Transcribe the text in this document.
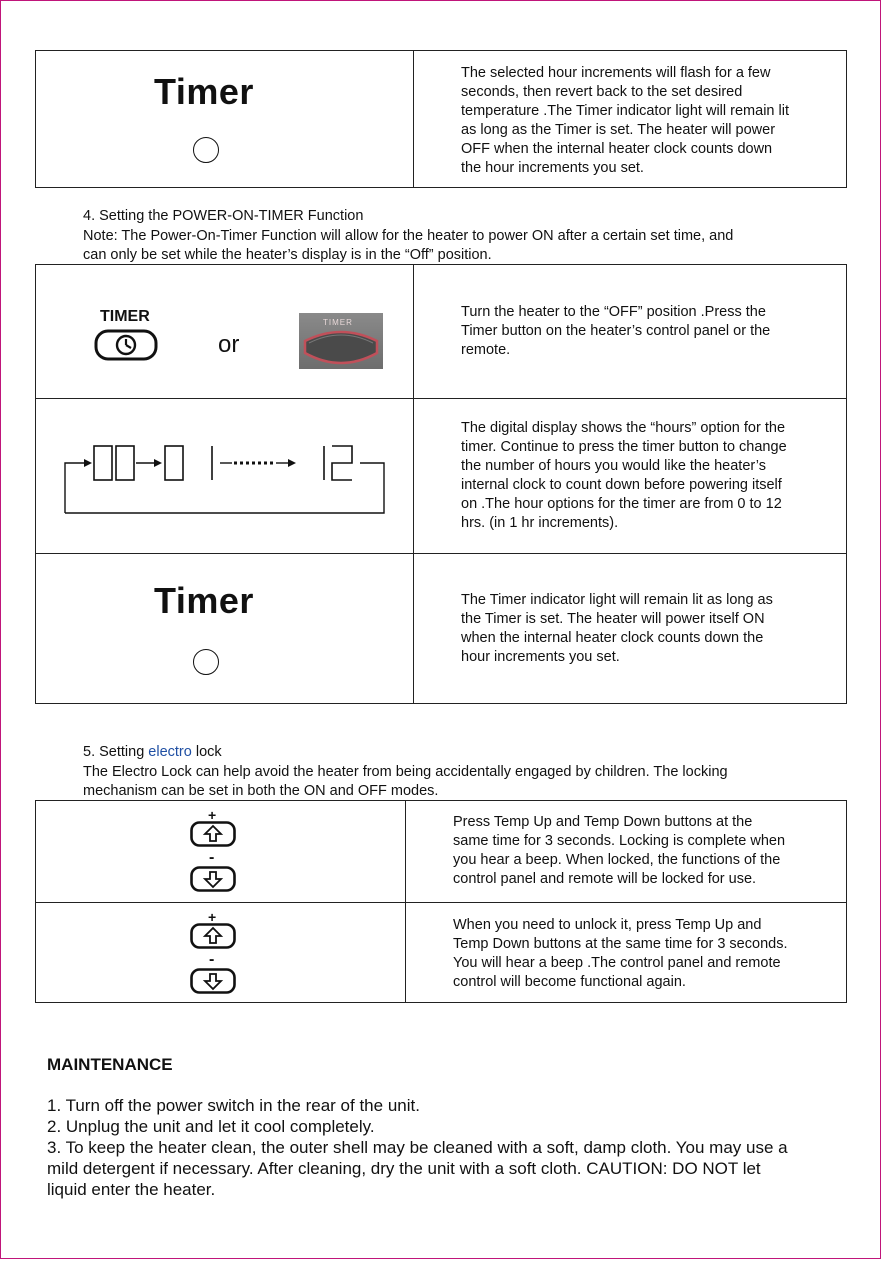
Timer	The selected hour increments will flash for a few
seconds, then revert back to the set desired
temperature .The Timer indicator light will remain lit
as long as the Timer is set. The heater will power
OFF when the internal heater clock counts down
the hour increments you set.
4. Setting the POWER-ON-TIMER Function
Note: The Power-On-Timer Function will allow for the heater to power ON after a certain set time, and
can only be set while the heater’s display is in the “Off” position.
TIMER
or
TIMER
Turn the heater to the “OFF” position .Press the
Timer button on the heater’s control panel or the
remote.
The digital display shows the “hours” option for the
timer. Continue to press the timer button to change
the number of hours you would like the heater’s
internal clock to count down before powering itself
on .The hour options for the timer are from 0 to 12
hrs. (in 1 hr increments).
Timer	The Timer indicator light will remain lit as long as
the Timer is set. The heater will power itself ON
when the internal heater clock counts down the
hour increments you set.
5. Setting electro lock
The Electro Lock can help avoid the heater from being accidentally engaged by children. The locking
mechanism can be set in both the ON and OFF modes.
+
-
Press Temp Up and Temp Down buttons at the
same time for 3 seconds. Locking is complete when
you hear a beep. When locked, the functions of the
control panel and remote will be locked for use.
+
-
When you need to unlock it, press Temp Up and
Temp Down buttons at the same time for 3 seconds.
You will hear a beep .The control panel and remote
control will become functional again.
MAINTENANCE
1. Turn off the power switch in the rear of the unit.
2. Unplug the unit and let it cool completely.
3. To keep the heater clean, the outer shell may be cleaned with a soft, damp cloth. You may use a
mild detergent if necessary. After cleaning, dry the unit with a soft cloth. CAUTION: DO NOT let
liquid enter the heater.
